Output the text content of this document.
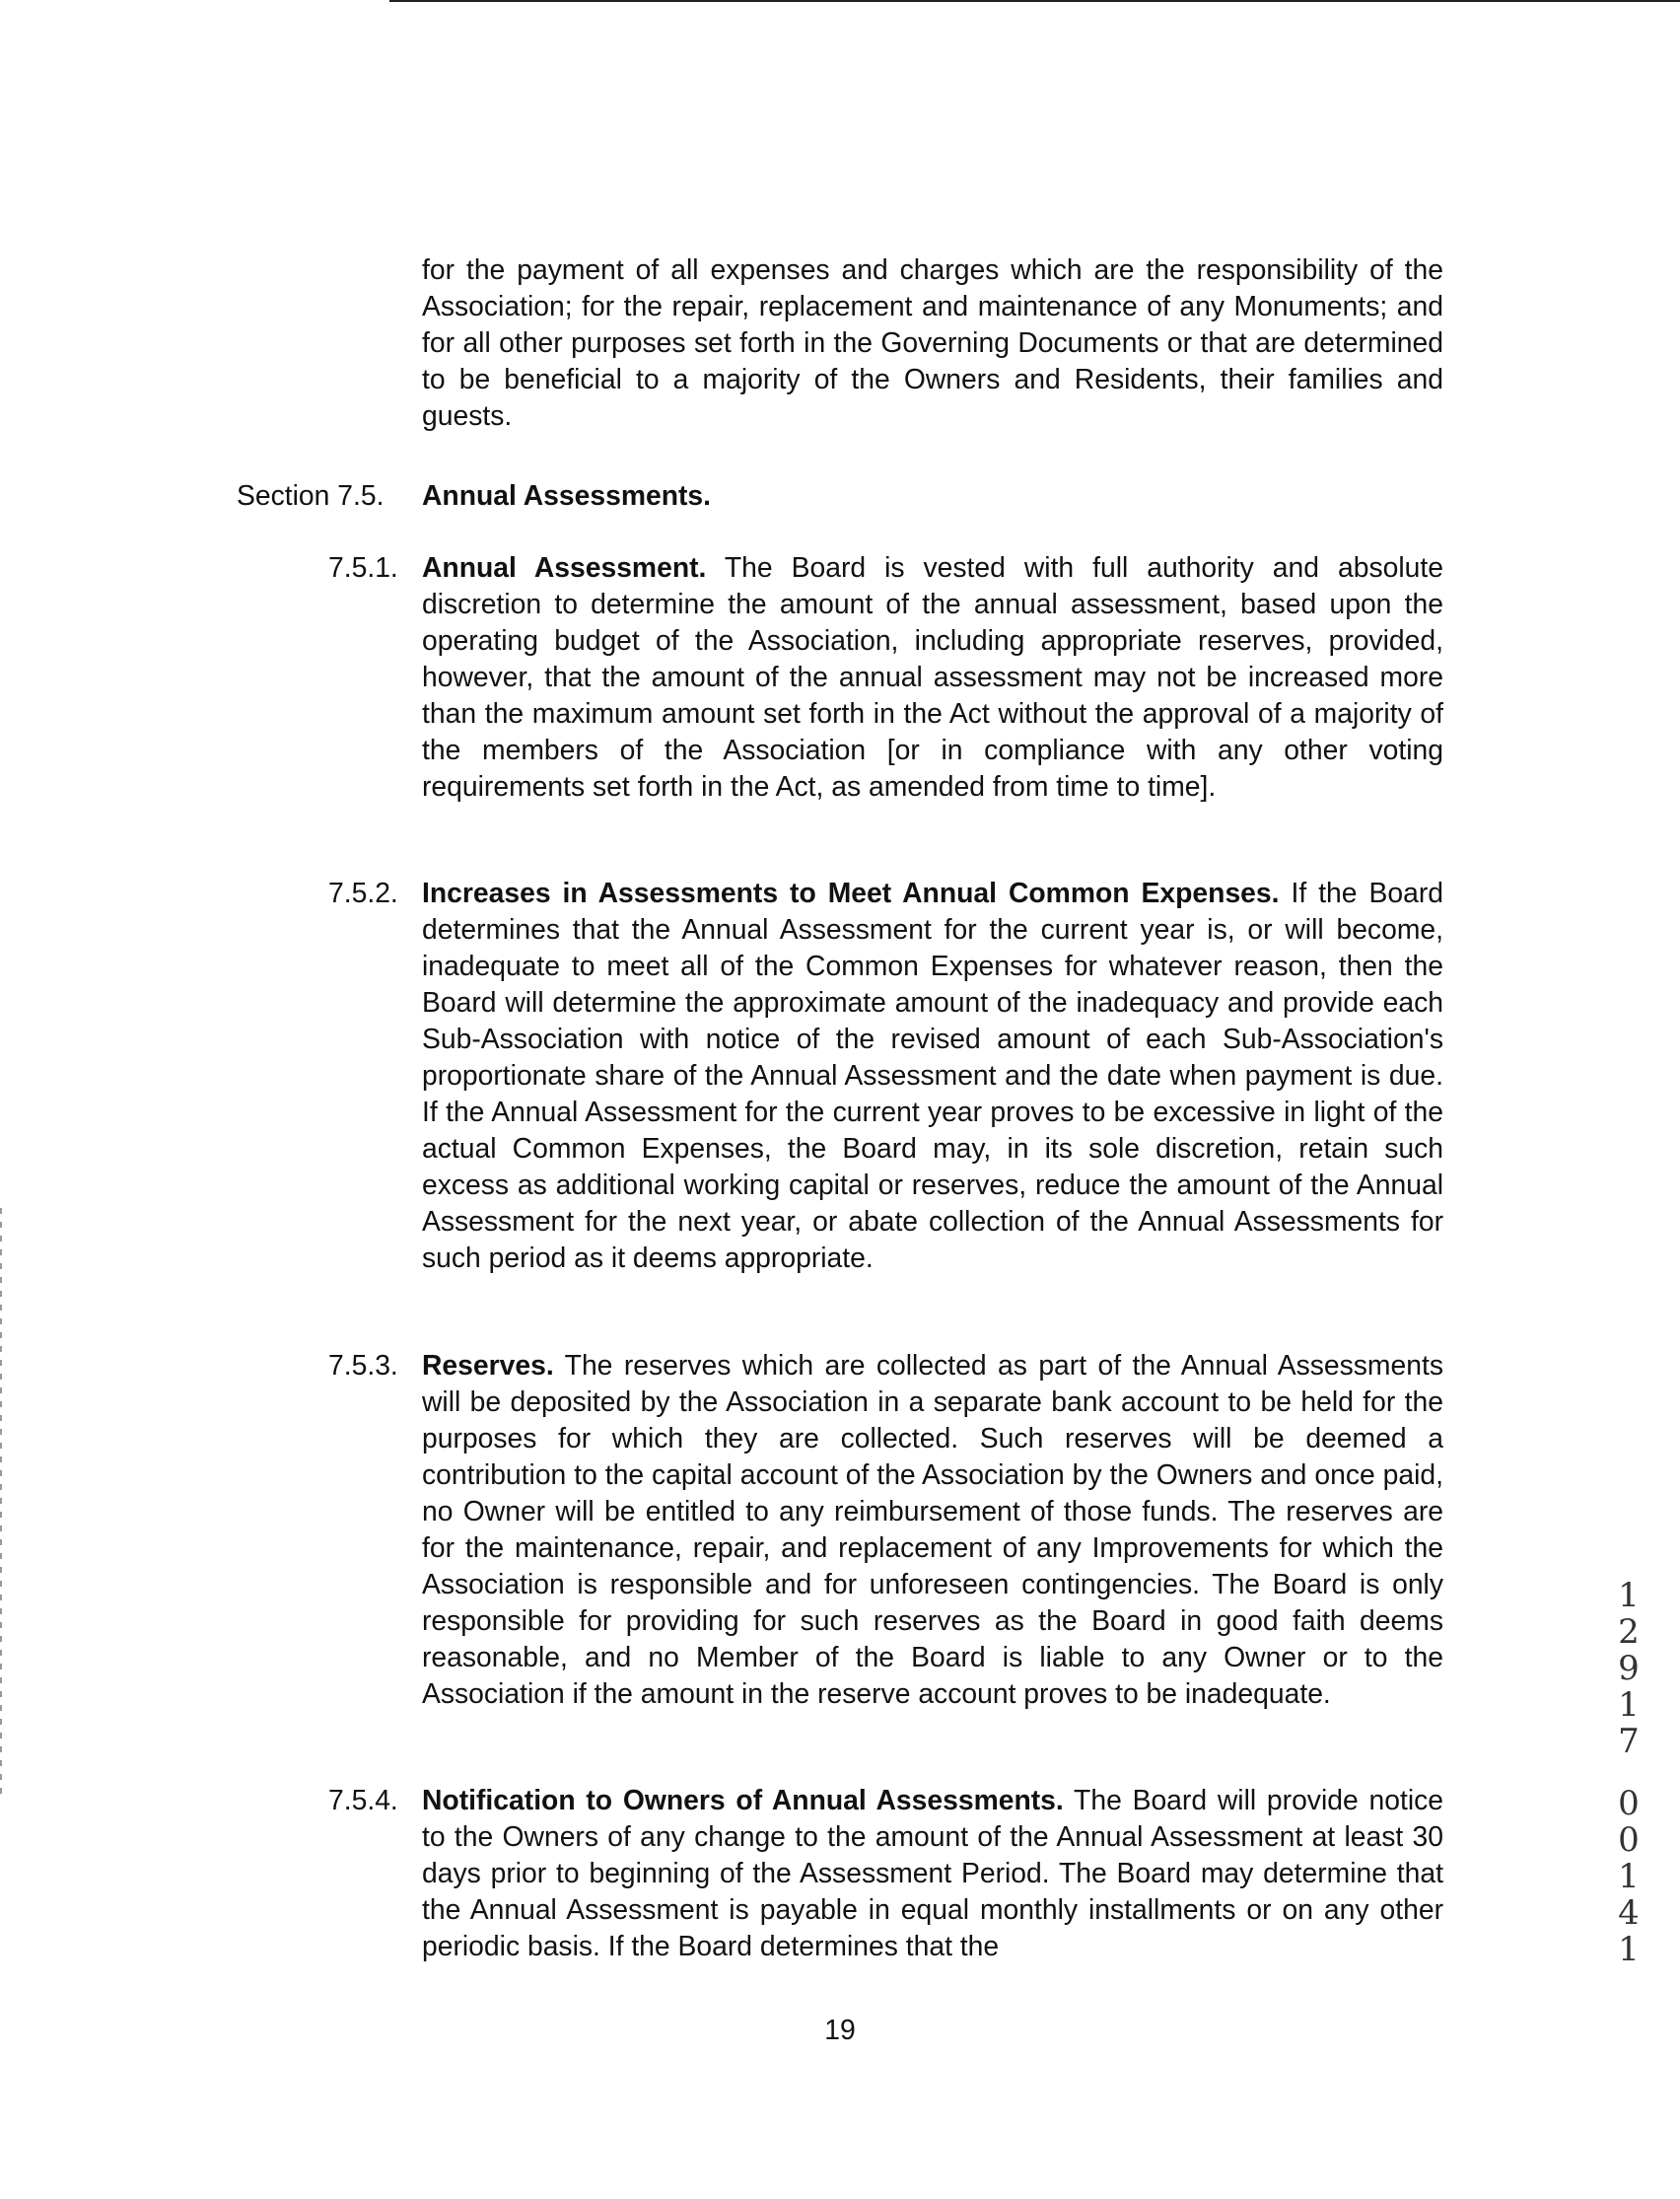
for the payment of all expenses and charges which are the responsibility of the Association; for the repair, replacement and maintenance of any Monuments; and for all other purposes set forth in the Governing Documents or that are determined to be beneficial to a majority of the Owners and Residents, their families and guests.

Section 7.5. Annual Assessments.
7.5.1. Annual Assessment. The Board is vested with full authority and absolute discretion to determine the amount of the annual assessment, based upon the operating budget of the Association, including appropriate reserves, provided, however, that the amount of the annual assessment may not be increased more than the maximum amount set forth in the Act without the approval of a majority of the members of the Association [or in compliance with any other voting requirements set forth in the Act, as amended from time to time].

7.5.2. Increases in Assessments to Meet Annual Common Expenses. If the Board determines that the Annual Assessment for the current year is, or will become, inadequate to meet all of the Common Expenses for whatever reason, then the Board will determine the approximate amount of the inadequacy and provide each Sub-Association with notice of the revised amount of each Sub-Association's proportionate share of the Annual Assessment and the date when payment is due. If the Annual Assessment for the current year proves to be excessive in light of the actual Common Expenses, the Board may, in its sole discretion, retain such excess as additional working capital or reserves, reduce the amount of the Annual Assessment for the next year, or abate collection of the Annual Assessments for such period as it deems appropriate.

7.5.3. Reserves. The reserves which are collected as part of the Annual Assessments will be deposited by the Association in a separate bank account to be held for the purposes for which they are collected. Such reserves will be deemed a contribution to the capital account of the Association by the Owners and once paid, no Owner will be entitled to any reimbursement of those funds. The reserves are for the maintenance, repair, and replacement of any Improvements for which the Association is responsible and for unforeseen contingencies. The Board is only responsible for providing for such reserves as the Board in good faith deems reasonable, and no Member of the Board is liable to any Owner or to the Association if the amount in the reserve account proves to be inadequate.

7.5.4. Notification to Owners of Annual Assessments. The Board will provide notice to the Owners of any change to the amount of the Annual Assessment at least 30 days prior to beginning of the Assessment Period. The Board may determine that the Annual Assessment is payable in equal monthly installments or on any other periodic basis. If the Board determines that the

19
1
2
9
1
7
0
0
1
4
1
